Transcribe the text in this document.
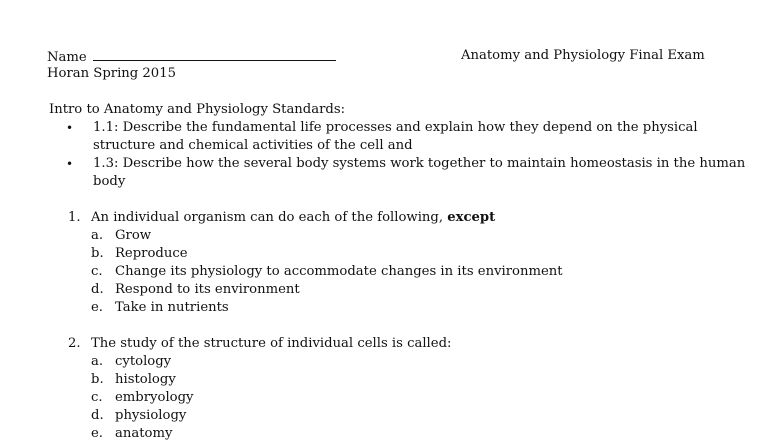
Name
Horan Spring 2015
Anatomy and Physiology Final Exam
Intro to Anatomy and Physiology Standards:
• 1.1: Describe the fundamental life processes and explain how they depend on the physical structure and chemical activities of the cell and
• 1.3: Describe how the several body systems work together to maintain homeostasis in the human body
1. An individual organism can do each of the following, except
a. Grow
b. Reproduce
c. Change its physiology to accommodate changes in its environment
d. Respond to its environment
e. Take in nutrients
2. The study of the structure of individual cells is called:
a. cytology
b. histology
c. embryology
d. physiology
e. anatomy
